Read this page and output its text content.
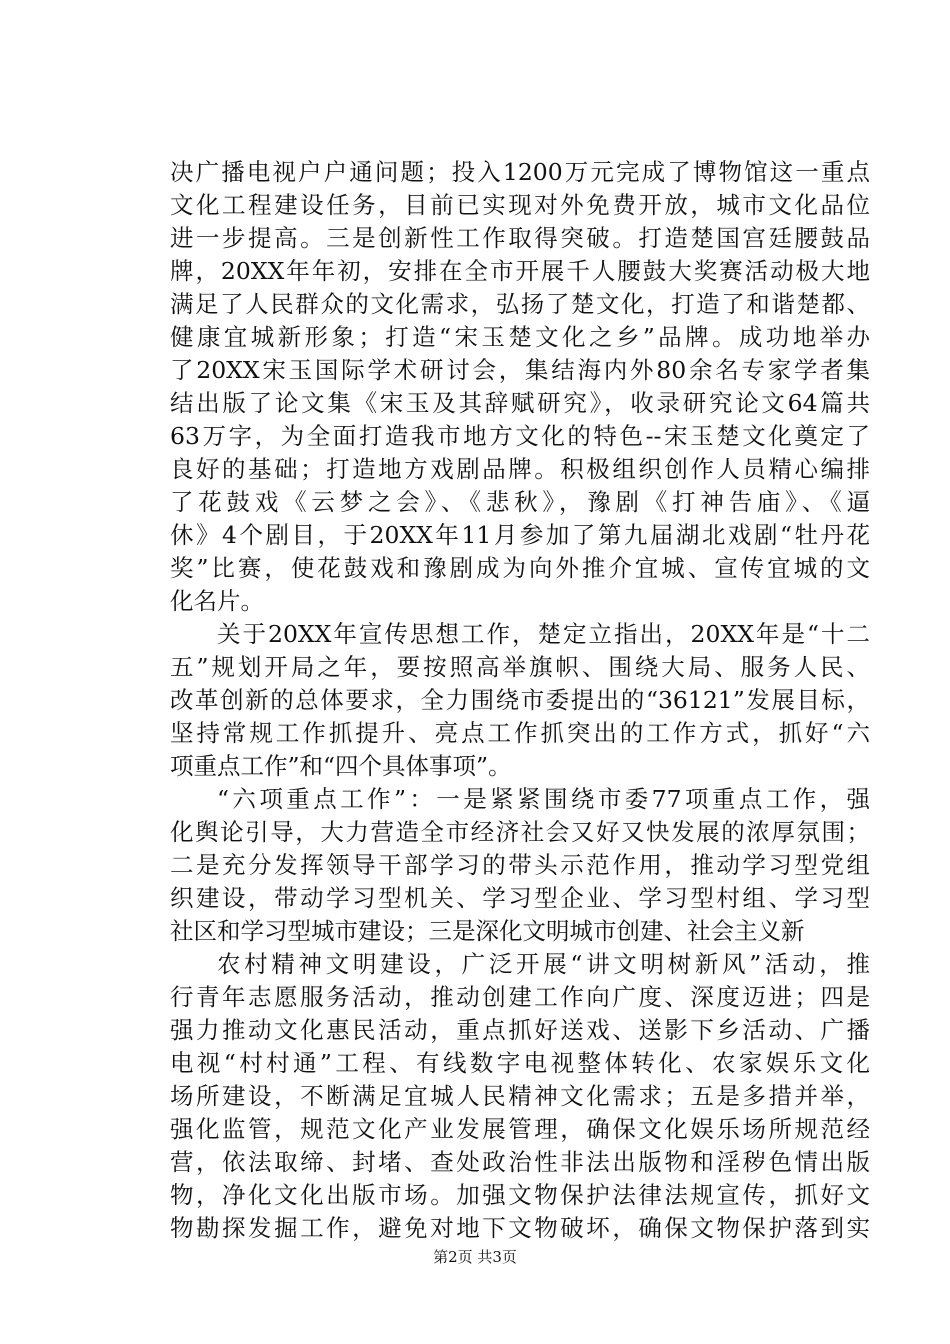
决广播电视户户通问题；投入1200万元完成了博物馆这一重点
文化工程建设任务，目前已实现对外免费开放，城市文化品位
进一步提高。三是创新性工作取得突破。打造楚国宫廷腰鼓品
牌，20XX年年初，安排在全市开展千人腰鼓大奖赛活动极大地
满足了人民群众的文化需求，弘扬了楚文化，打造了和谐楚都、
健康宜城新形象；打造“宋玉楚文化之乡”品牌。成功地举办
了20XX宋玉国际学术研讨会，集结海内外80余名专家学者集
结出版了论文集《宋玉及其辞赋研究》，收录研究论文64篇共
63万字，为全面打造我市地方文化的特色--宋玉楚文化奠定了
良好的基础；打造地方戏剧品牌。积极组织创作人员精心编排
了花鼓戏《云梦之会》、《悲秋》，豫剧《打神告庙》、《逼
休》4个剧目，于20XX年11月参加了第九届湖北戏剧“牡丹花
奖”比赛，使花鼓戏和豫剧成为向外推介宜城、宣传宜城的文
化名片。
关于20XX年宣传思想工作，楚定立指出，20XX年是“十二
五”规划开局之年，要按照高举旗帜、围绕大局、服务人民、
改革创新的总体要求，全力围绕市委提出的“36121”发展目标，
坚持常规工作抓提升、亮点工作抓突出的工作方式，抓好“六
项重点工作”和“四个具体事项”。
“六项重点工作”：一是紧紧围绕市委77项重点工作，强
化舆论引导，大力营造全市经济社会又好又快发展的浓厚氛围；
二是充分发挥领导干部学习的带头示范作用，推动学习型党组
织建设，带动学习型机关、学习型企业、学习型村组、学习型
社区和学习型城市建设；三是深化文明城市创建、社会主义新
农村精神文明建设，广泛开展“讲文明树新风”活动，推
行青年志愿服务活动，推动创建工作向广度、深度迈进；四是
强力推动文化惠民活动，重点抓好送戏、送影下乡活动、广播
电视“村村通”工程、有线数字电视整体转化、农家娱乐文化
场所建设，不断满足宜城人民精神文化需求；五是多措并举，
强化监管，规范文化产业发展管理，确保文化娱乐场所规范经
营，依法取缔、封堵、查处政治性非法出版物和淫秽色情出版
物，净化文化出版市场。加强文物保护法律法规宣传，抓好文
物勘探发掘工作，避免对地下文物破坏，确保文物保护落到实
第2页 共3页
